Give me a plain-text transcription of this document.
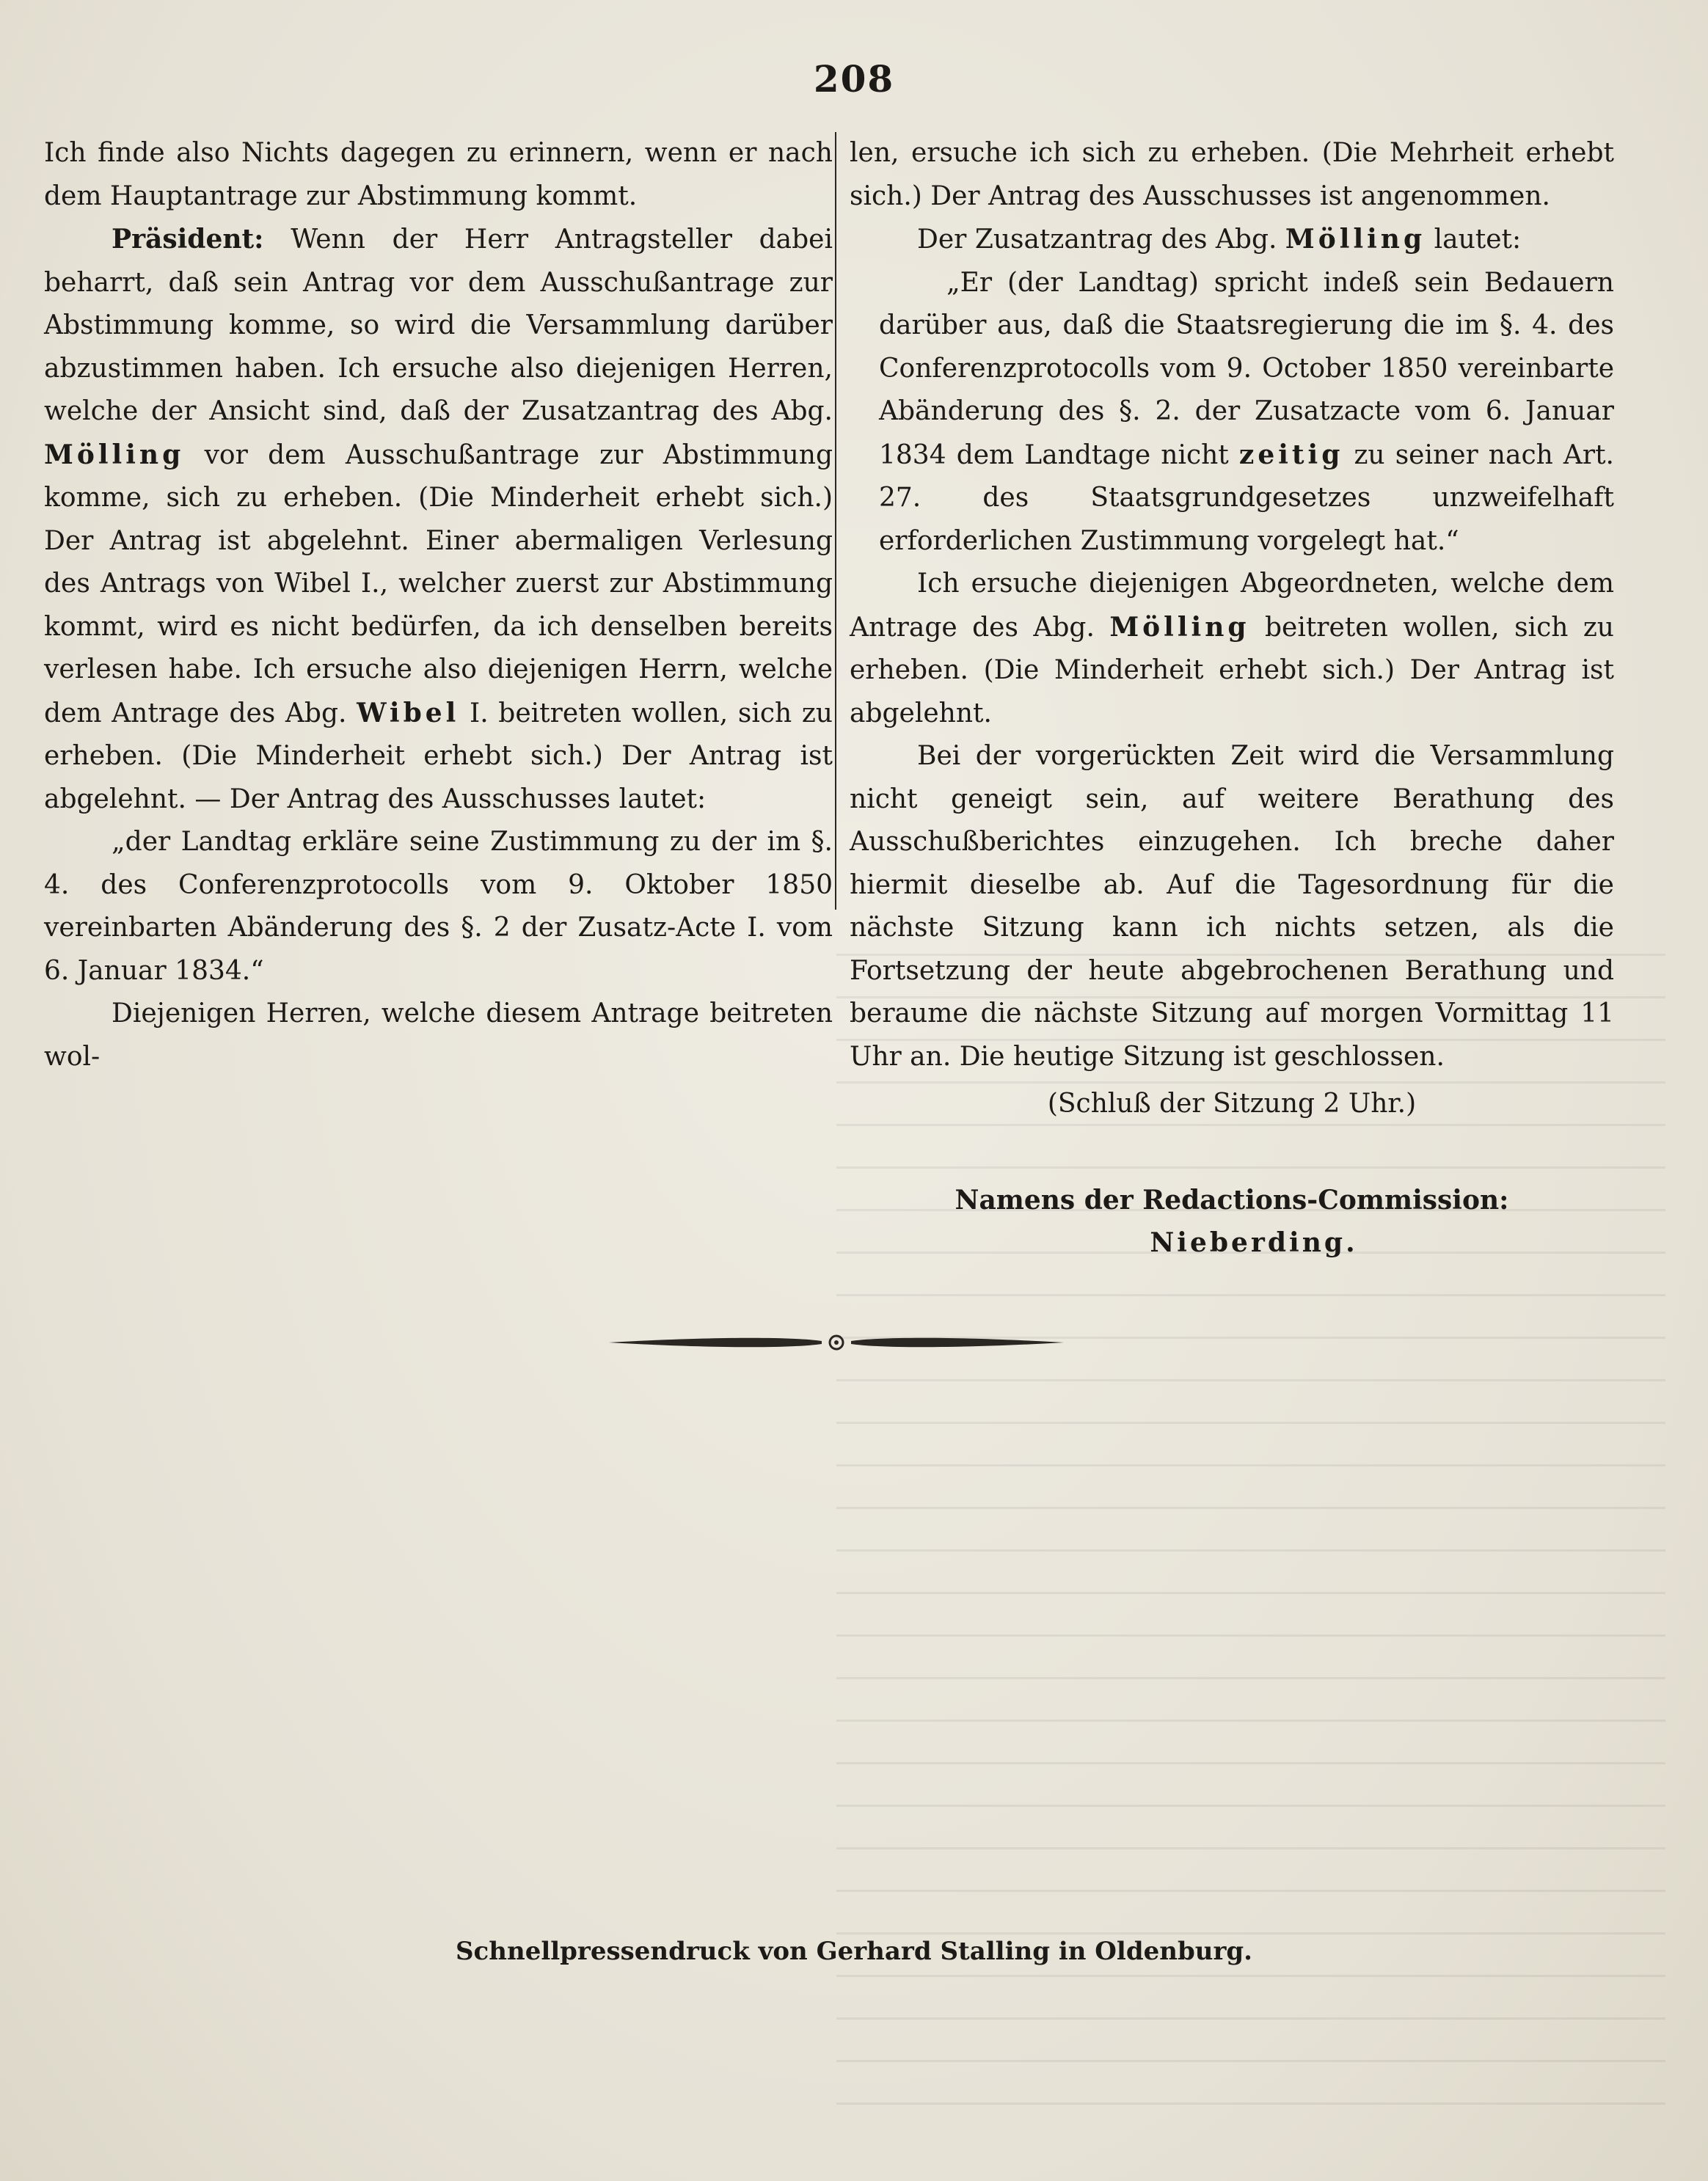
208

Ich finde also Nichts dagegen zu erinnern, wenn er nach dem Hauptantrage zur Abstimmung kommt.

Präsident: Wenn der Herr Antragsteller dabei beharrt, daß sein Antrag vor dem Ausschußantrage zur Abstimmung komme, so wird die Versammlung darüber abzustimmen haben. Ich ersuche also diejenigen Herren, welche der Ansicht sind, daß der Zusatzantrag des Abg. Mölling vor dem Ausschußantrage zur Abstimmung komme, sich zu erheben. (Die Minderheit erhebt sich.) Der Antrag ist abgelehnt. Einer abermaligen Verlesung des Antrags von Wibel I., welcher zuerst zur Abstimmung kommt, wird es nicht bedürfen, da ich denselben bereits verlesen habe. Ich ersuche also diejenigen Herrn, welche dem Antrage des Abg. Wibel I. beitreten wollen, sich zu erheben. (Die Minderheit erhebt sich.) Der Antrag ist abgelehnt. — Der Antrag des Ausschusses lautet:

„der Landtag erkläre seine Zustimmung zu der im §. 4. des Conferenzprotocolls vom 9. Oktober 1850 vereinbarten Abänderung des §. 2 der Zusatz-Acte I. vom 6. Januar 1834.“

Diejenigen Herren, welche diesem Antrage beitreten wol-

len, ersuche ich sich zu erheben. (Die Mehrheit erhebt sich.) Der Antrag des Ausschusses ist angenommen.

Der Zusatzantrag des Abg. Mölling lautet:

„Er (der Landtag) spricht indeß sein Bedauern darüber aus, daß die Staatsregierung die im §. 4. des Conferenzprotocolls vom 9. October 1850 vereinbarte Abänderung des §. 2. der Zusatzacte vom 6. Januar 1834 dem Landtage nicht zeitig zu seiner nach Art. 27. des Staatsgrundgesetzes unzweifelhaft erforderlichen Zustimmung vorgelegt hat.“

Ich ersuche diejenigen Abgeordneten, welche dem Antrage des Abg. Mölling beitreten wollen, sich zu erheben. (Die Minderheit erhebt sich.) Der Antrag ist abgelehnt.

Bei der vorgerückten Zeit wird die Versammlung nicht geneigt sein, auf weitere Berathung des Ausschußberichtes einzugehen. Ich breche daher hiermit dieselbe ab. Auf die Tagesordnung für die nächste Sitzung kann ich nichts setzen, als die Fortsetzung der heute abgebrochenen Berathung und beraume die nächste Sitzung auf morgen Vormittag 11 Uhr an. Die heutige Sitzung ist geschlossen.

(Schluß der Sitzung 2 Uhr.)

Namens der Redactions-Commission:

Nieberding.

Schnellpressendruck von Gerhard Stalling in Oldenburg.
